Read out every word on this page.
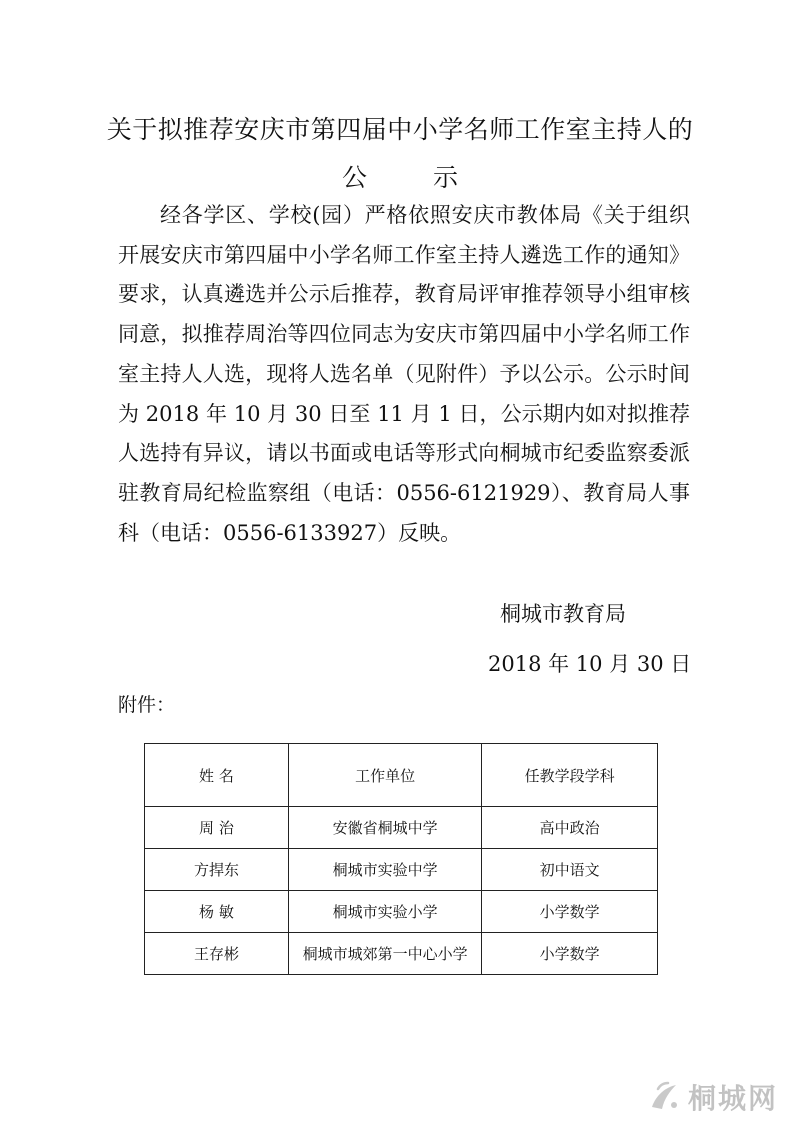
关于拟推荐安庆市第四届中小学名师工作室主持人的
公示

经各学区、学校(园）严格依照安庆市教体局《关于组织开展安庆市第四届中小学名师工作室主持人遴选工作的通知》要求，认真遴选并公示后推荐，教育局评审推荐领导小组审核同意，拟推荐周治等四位同志为安庆市第四届中小学名师工作室主持人人选，现将人选名单（见附件）予以公示。公示时间为 2018 年 10 月 30 日至 11 月 1 日，公示期内如对拟推荐人选持有异议，请以书面或电话等形式向桐城市纪委监察委派驻教育局纪检监察组（电话：0556-6121929）、教育局人事科（电话：0556-6133927）反映。

桐城市教育局
2018 年 10 月 30 日
附件：
姓 名	工作单位	任教学段学科
周 治	安徽省桐城中学	高中政治
方捍东	桐城市实验中学	初中语文
杨 敏	桐城市实验小学	小学数学
王存彬	桐城市城郊第一中心小学	小学数学
桐城网
